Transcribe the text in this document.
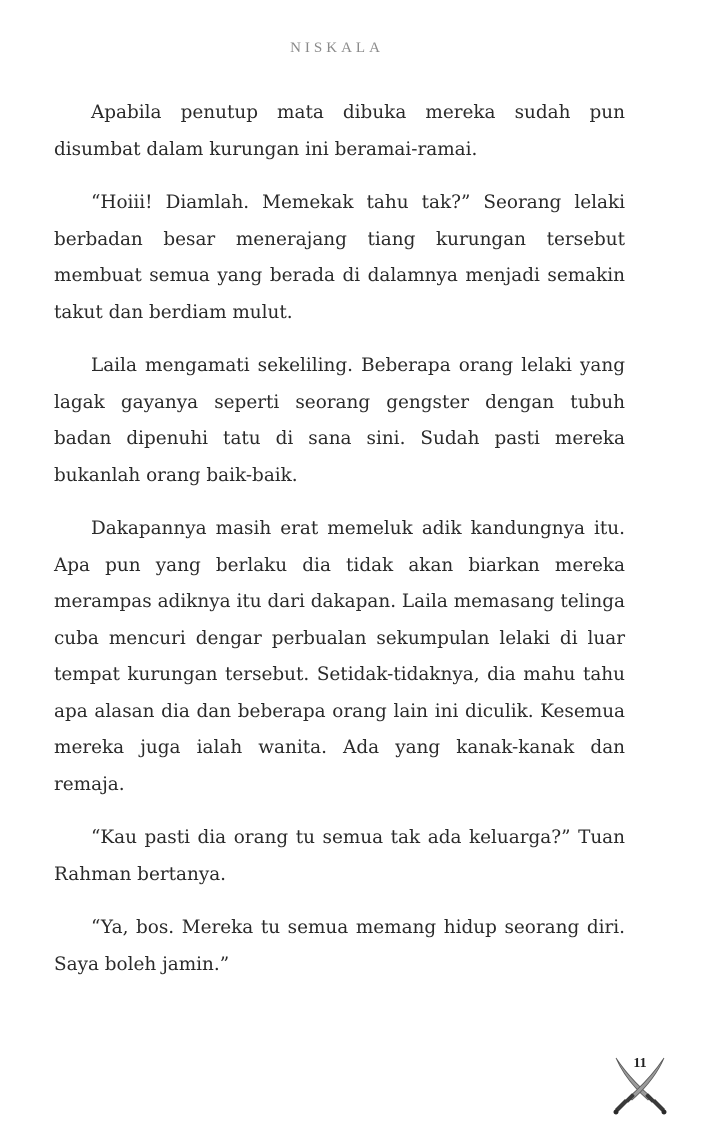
NISKALA

Apabila penutup mata dibuka mereka sudah pun disumbat dalam kurungan ini beramai-ramai.

“Hoiii! Diamlah. Memekak tahu tak?” Seorang lelaki berbadan besar menerajang tiang kurungan tersebut membuat semua yang berada di dalamnya menjadi semakin takut dan berdiam mulut.

Laila mengamati sekeliling. Beberapa orang lelaki yang lagak gayanya seperti seorang gengster dengan tubuh badan dipenuhi tatu di sana sini. Sudah pasti mereka bukanlah orang baik-baik.

Dakapannya masih erat memeluk adik kandungnya itu. Apa pun yang berlaku dia tidak akan biarkan mereka merampas adiknya itu dari dakapan. Laila memasang telinga cuba mencuri dengar perbualan sekumpulan lelaki di luar tempat kurungan tersebut. Setidak-tidaknya, dia mahu tahu apa alasan dia dan beberapa orang lain ini diculik. Kesemua mereka juga ialah wanita. Ada yang kanak-kanak dan remaja.

“Kau pasti dia orang tu semua tak ada keluarga?” Tuan Rahman bertanya.

“Ya, bos. Mereka tu semua memang hidup seorang diri. Saya boleh jamin.”

11
